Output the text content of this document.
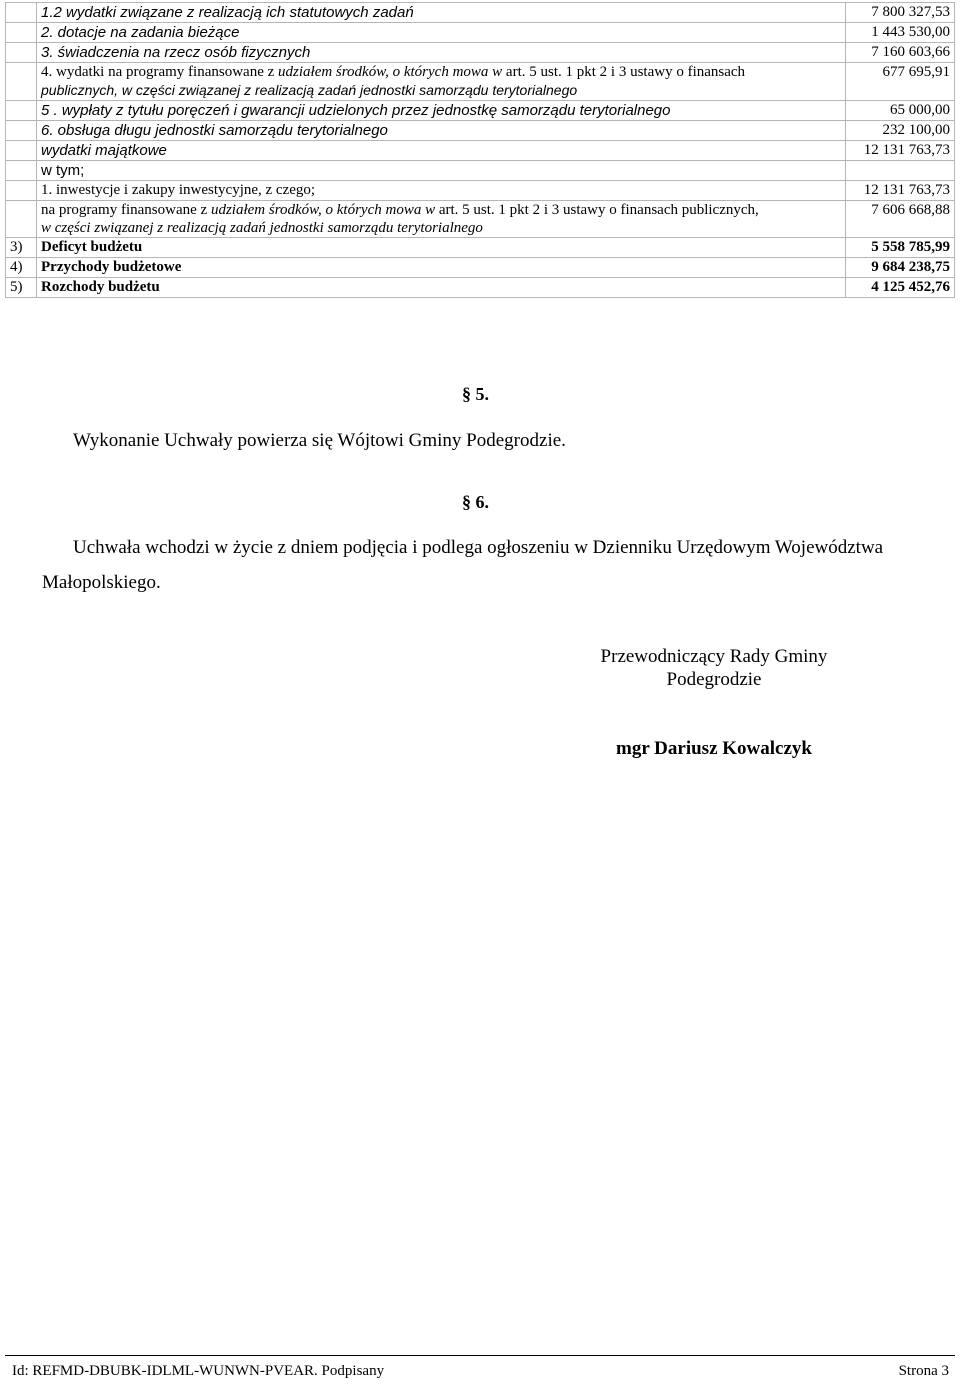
	1.2 wydatki związane z realizacją ich statutowych zadań	7 800 327,53
	2. dotacje na zadania bieżące	1 443 530,00
	3. świadczenia na rzecz osób fizycznych	7 160 603,66
	4. wydatki na programy finansowane z udziałem środków, o których mowa w art. 5 ust. 1 pkt 2 i 3 ustawy o finansach
publicznych, w części związanej z realizacją zadań jednostki samorządu terytorialnego	677 695,91
	5 . wypłaty z tytułu poręczeń i gwarancji udzielonych przez jednostkę samorządu terytorialnego	65 000,00
	6. obsługa długu jednostki samorządu terytorialnego	232 100,00
	wydatki majątkowe	12 131 763,73
	w tym;	
	1. inwestycje i zakupy inwestycyjne, z czego;	12 131 763,73
	na programy finansowane z udziałem środków, o których mowa w art. 5 ust. 1 pkt 2 i 3 ustawy o finansach publicznych,
w części związanej z realizacją zadań jednostki samorządu terytorialnego	7 606 668,88
3)	Deficyt budżetu	5 558 785,99
4)	Przychody budżetowe	9 684 238,75
5)	Rozchody budżetu	4 125 452,76
§ 5.
Wykonanie Uchwały powierza się Wójtowi Gminy Podegrodzie.
§ 6.
Uchwała wchodzi w życie z dniem podjęcia i podlega ogłoszeniu w Dzienniku Urzędowym Województwa
Małopolskiego.
Przewodniczący Rady Gminy
Podegrodzie
mgr Dariusz Kowalczyk
Id: REFMD-DBUBK-IDLML-WUNWN-PVEAR. Podpisany	Strona 3
